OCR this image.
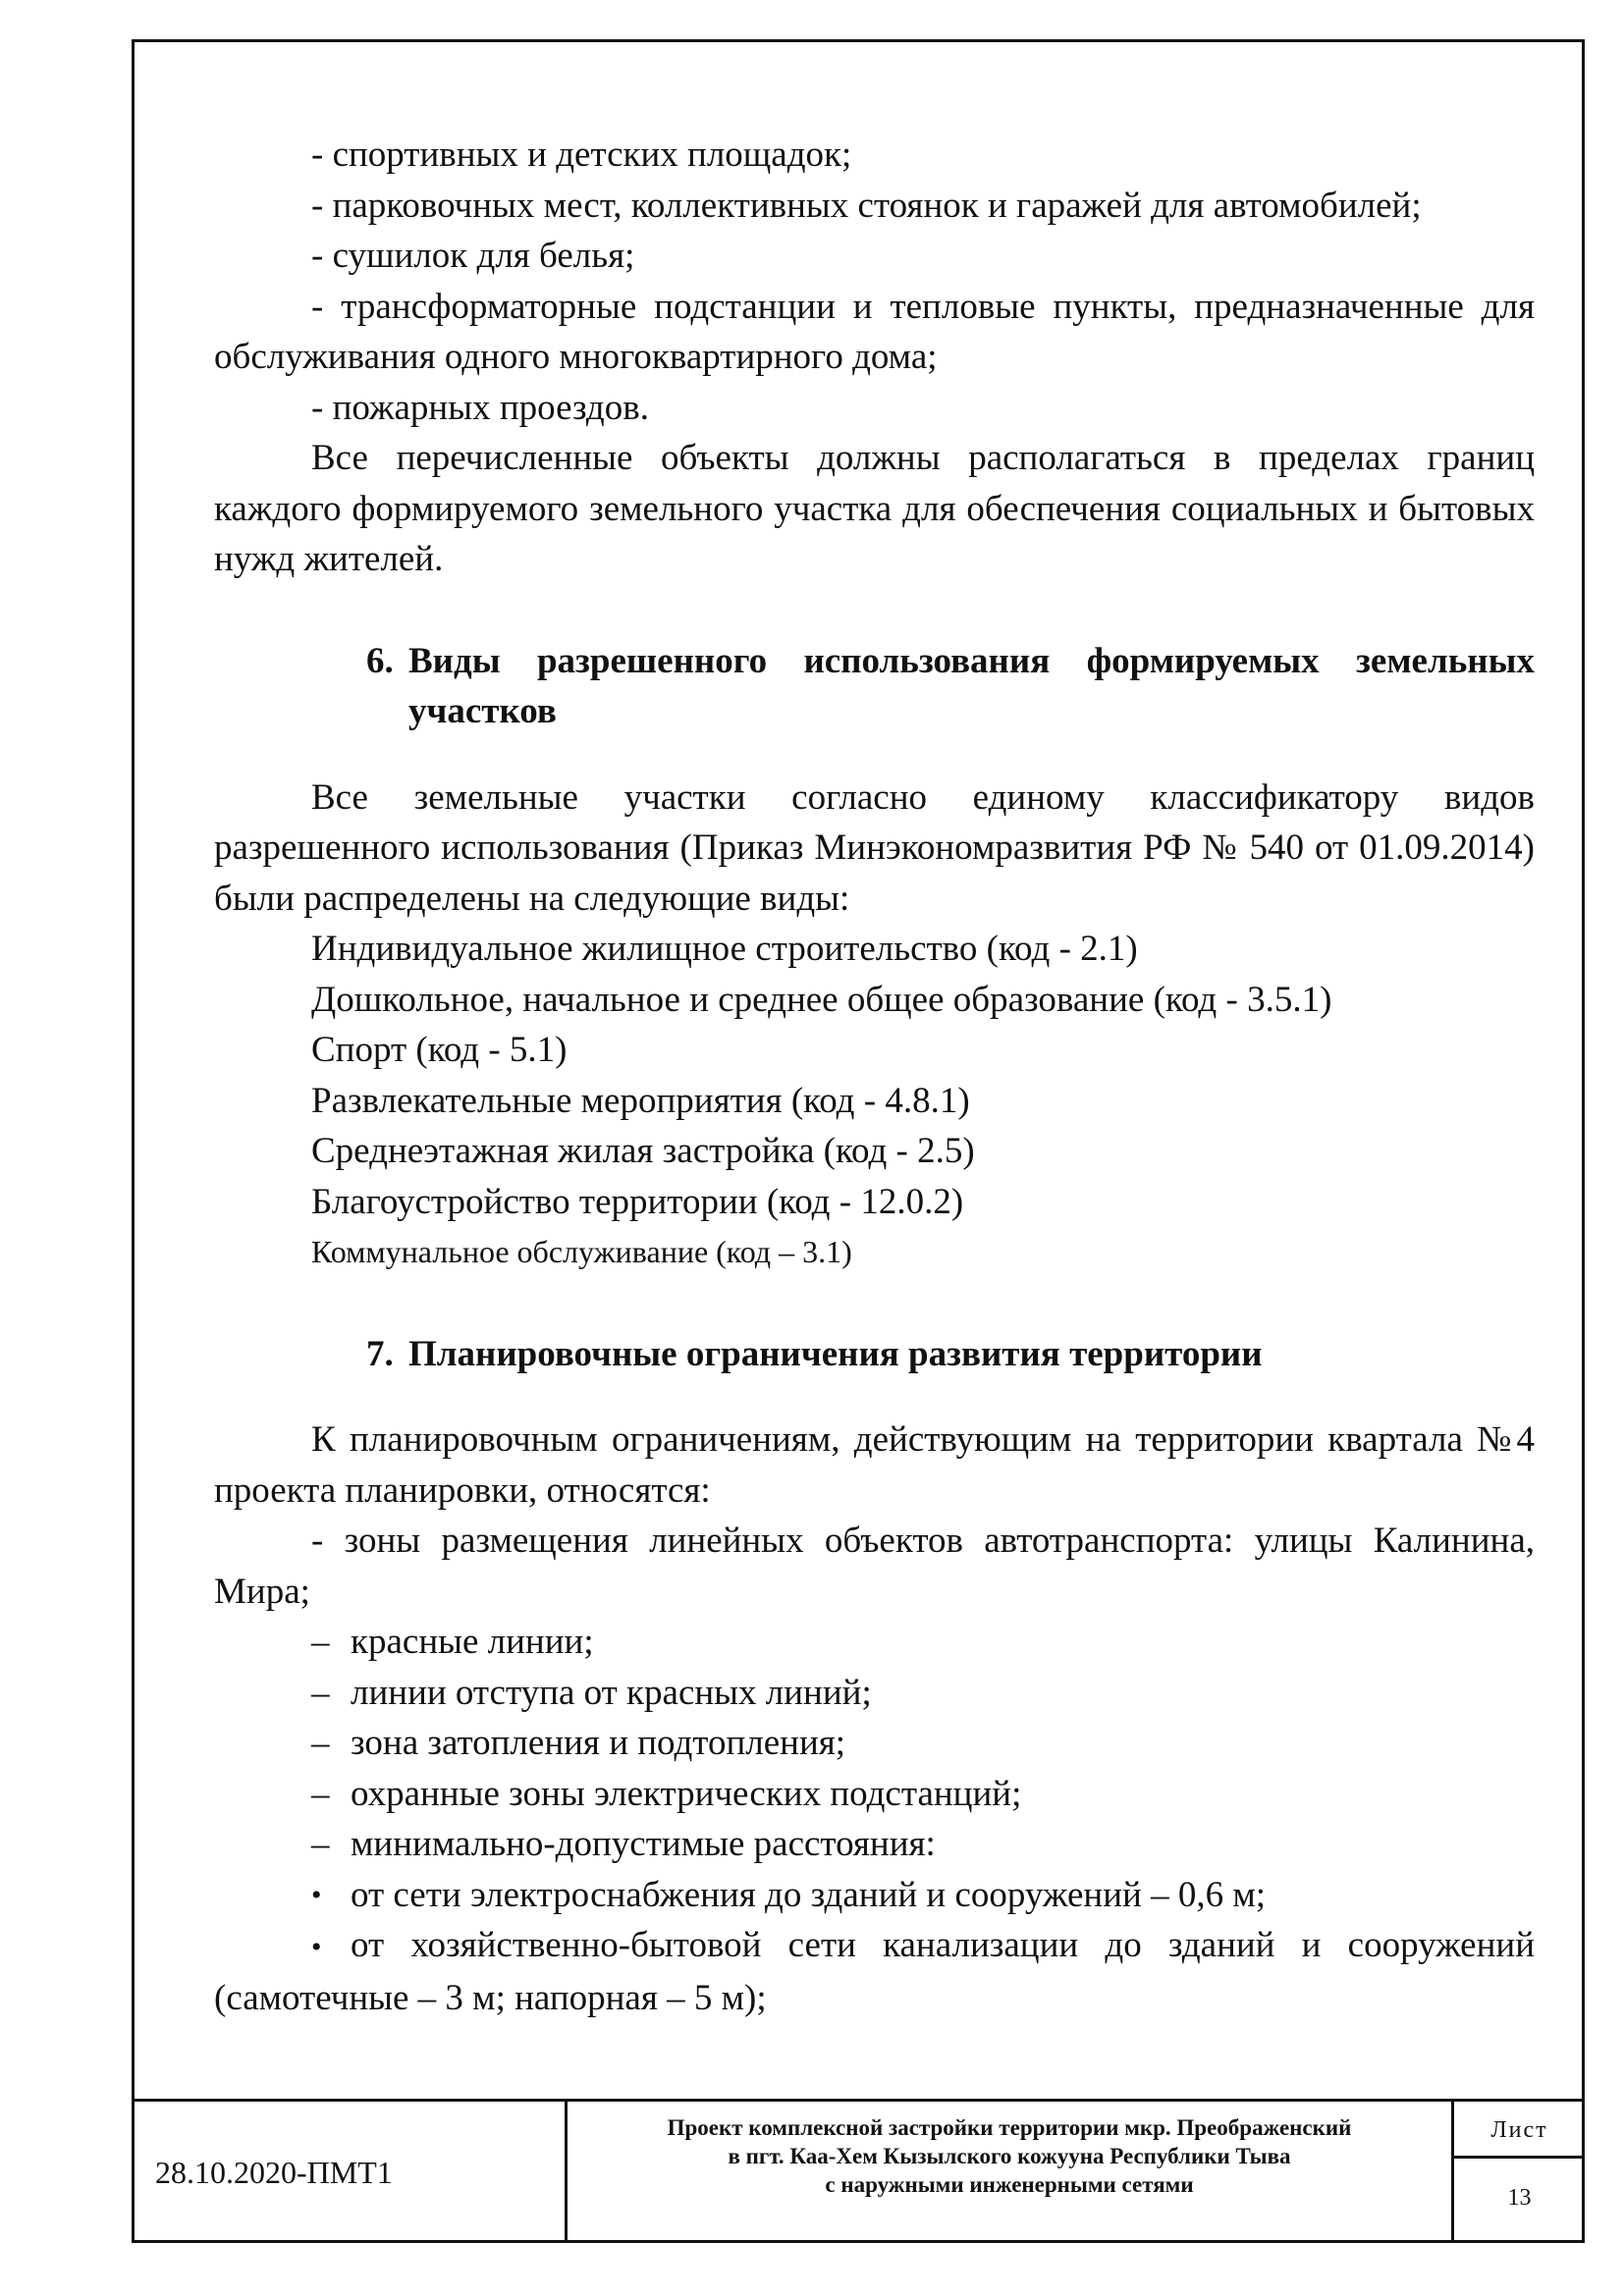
- спортивных и детских площадок;

- парковочных мест, коллективных стоянок и гаражей для автомобилей;

- сушилок для белья;

- трансформаторные подстанции и тепловые пункты, предназначенные для обслуживания одного многоквартирного дома;

- пожарных проездов.

Все перечисленные объекты должны располагаться в пределах границ каждого формируемого земельного участка для обеспечения социальных и бытовых нужд жителей.

6. Виды разрешенного использования формируемых земельных участков

Все земельные участки согласно единому классификатору видов разрешенного использования (Приказ Минэкономразвития РФ № 540 от 01.09.2014) были распределены на следующие виды:

Индивидуальное жилищное строительство (код - 2.1)

Дошкольное, начальное и среднее общее образование (код - 3.5.1)

Спорт (код - 5.1)

Развлекательные мероприятия (код - 4.8.1)

Среднеэтажная жилая застройка (код - 2.5)

Благоустройство территории (код - 12.0.2)

Коммунальное обслуживание (код – 3.1)

7. Планировочные ограничения развития территории

К планировочным ограничениям, действующим на территории квартала №4 проекта планировки, относятся:

- зоны размещения линейных объектов автотранспорта: улицы Калинина, Мира;

– красные линии;
– линии отступа от красных линий;
– зона затопления и подтопления;
– охранные зоны электрических подстанций;
– минимально-допустимые расстояния:
• от сети электроснабжения до зданий и сооружений – 0,6 м;

• от хозяйственно-бытовой сети канализации до зданий и сооружений (самотечные – 3 м; напорная – 5 м);

28.10.2020-ПМТ1
Проект комплексной застройки территории мкр. Преображенский
в пгт. Каа-Хем Кызылского кожууна Республики Тыва
с наружными инженерными сетями
Лист
13
